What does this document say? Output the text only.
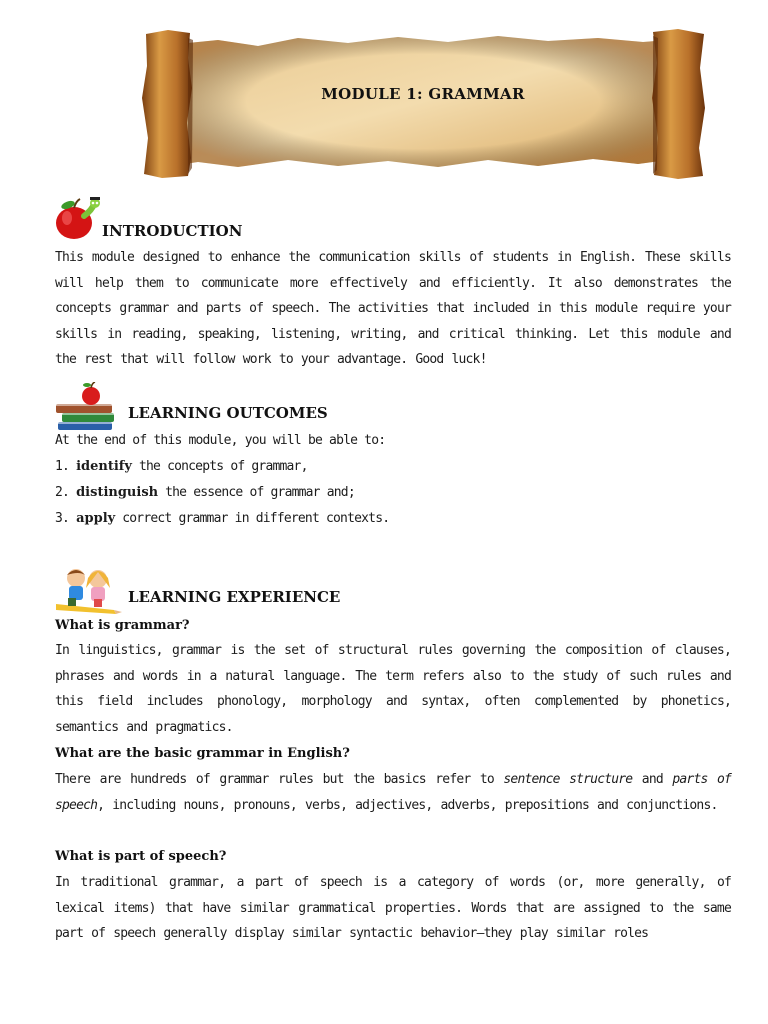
MODULE 1: GRAMMAR
INTRODUCTION
This module designed to enhance the communication skills of students in English. These skills will help them to communicate more effectively and efficiently. It also demonstrates the concepts grammar and parts of speech. The activities that included in this module require your skills in reading, speaking, listening, writing, and critical thinking. Let this module and the rest that will follow work to your advantage. Good luck!
LEARNING OUTCOMES
At the end of this module, you will be able to:
1. identify the concepts of grammar,
2. distinguish the essence of grammar and;
3. apply correct grammar in different contexts.
LEARNING EXPERIENCE
What is grammar?
In linguistics, grammar is the set of structural rules governing the composition of clauses, phrases and words in a natural language. The term refers also to the study of such rules and this field includes phonology, morphology and syntax, often complemented by phonetics, semantics and pragmatics.
What are the basic grammar in English?
There are hundreds of grammar rules but the basics refer to sentence structure and parts of speech, including nouns, pronouns, verbs, adjectives, adverbs, prepositions and conjunctions.
What is part of speech?
In traditional grammar, a part of speech is a category of words (or, more generally, of lexical items) that have similar grammatical properties. Words that are assigned to the same part of speech generally display similar syntactic behavior—they play similar roles
